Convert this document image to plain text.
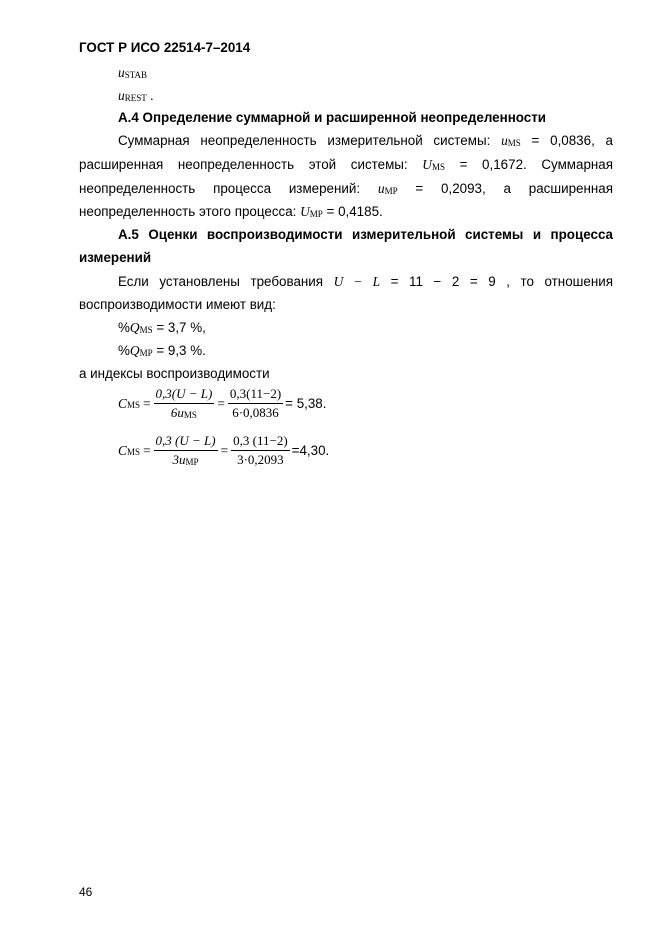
ГОСТ Р ИСО 22514-7–2014
uSTAB
uREST .
А.4 Определение суммарной и расширенной неопределенности
Суммарная неопределенность измерительной системы: uMS = 0,0836, а
расширенная неопределенность этой системы: UMS = 0,1672. Суммарная
неопределенность процесса измерений: uMP = 0,2093, а расширенная
неопределенность этого процесса: UMP = 0,4185.
А.5 Оценки воспроизводимости измерительной системы и процесса
измерений
Если установлены требования U − L = 11 − 2 = 9 , то отношения
воспроизводимости имеют вид:
%QMS = 3,7 %,
%QMP = 9,3 %.
а индексы воспроизводимости
C MS = $\frac{0,3(U - L)}{\text{6uMS}} = \frac{0,3(11-2)}{6\cdot 0,0836} = 5,38$.
C MS = $\frac{0,3 (U - L)}{\text{3uMP}} = \frac{0,3 (11-2)}{3\cdot 0,2093} =4,30$.
46
